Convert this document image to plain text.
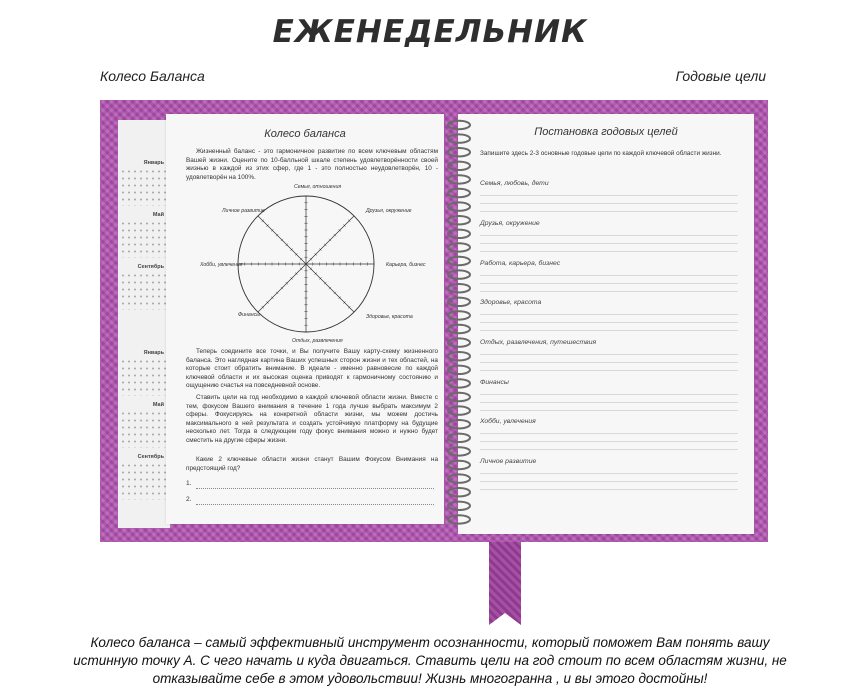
ЕЖЕНЕДЕЛЬНИК
Колесо Баланса	Годовые цели
Январь
Май
Сентябрь
Январь
Май
Сентябрь
Колесо баланса

Жизненный баланс - это гармоничное развитие по всем ключевым областям Вашей жизни. Оцените по 10-балльной шкале степень удовлетворённости своей жизнью в каждой из этих сфер, где 1 - это полностью неудовлетворён, 10 - удовлетворён на 100%.

Семья, отношения
Друзья, окружение
Карьера, бизнес
Здоровье, красота
Отдых, развлечения
Финансы
Хобби, увлечения
Личное развитие

Теперь соедините все точки, и Вы получите Вашу карту-схему жизненного баланса. Это наглядная картина Ваших успешных сторон жизни и тех областей, на которые стоит обратить внимание. В идеале - именно равновесие по каждой ключевой области и их высокая оценка приводят к гармоничному состоянию и ощущению счастья на повседневной основе.

Ставить цели на год необходимо в каждой ключевой области жизни. Вместе с тем, фокусом Вашего внимания в течение 1 года лучше выбрать максимум 2 сферы. Фокусируясь на конкретной области жизни, мы можем достичь максимального в ней результата и создать устойчивую платформу на будущие несколько лет. Тогда в следующем году фокус внимания можно и нужно будет сместить на другие сферы жизни.

Какие 2 ключевые области жизни станут Вашим Фокусом Внимания на предстоящий год?

1.
2.
Постановка годовых целей

Запишите здесь 2-3 основные годовые цели по каждой ключевой области жизни.

Семья, любовь, дети
Друзья, окружение
Работа, карьера, бизнес
Здоровье, красота
Отдых, развлечения, путешествия
Финансы
Хобби, увлечения
Личное развитие

Колесо баланса – самый эффективный инструмент осознанности, который поможет Вам понять вашу истинную точку А. С чего начать и куда двигаться. Ставить цели на год стоит по всем областям жизни, не отказывайте себе в этом удовольствии! Жизнь многогранна , и вы этого достойны!
